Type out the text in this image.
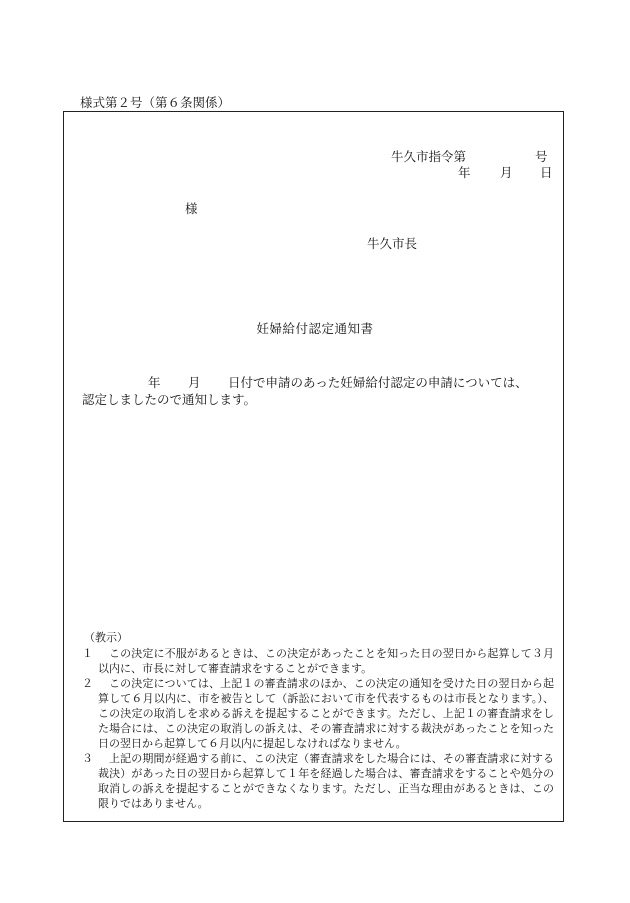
様式第２号（第６条関係）
牛久市指令第	号
年 月 日
様
牛久市長
妊婦給付認定通知書
年 月 日付で申請のあった妊婦給付認定の申請については、
認定しましたので通知します。
（教示）
１	この決定に不服があるときは、この決定があったことを知った日の翌日から起算して３月以内に、市長に対して審査請求をすることができます。
２	この決定については、上記１の審査請求のほか、この決定の通知を受けた日の翌日から起算して６月以内に、市を被告として（訴訟において市を代表するものは市長となります。）、この決定の取消しを求める訴えを提起することができます。ただし、上記１の審査請求をした場合には、この決定の取消しの訴えは、その審査請求に対する裁決があったことを知った日の翌日から起算して６月以内に提起しなければなりません。
３	上記の期間が経過する前に、この決定（審査請求をした場合には、その審査請求に対する裁決）があった日の翌日から起算して１年を経過した場合は、審査請求をすることや処分の取消しの訴えを提起することができなくなります。ただし、正当な理由があるときは、この限りではありません。
